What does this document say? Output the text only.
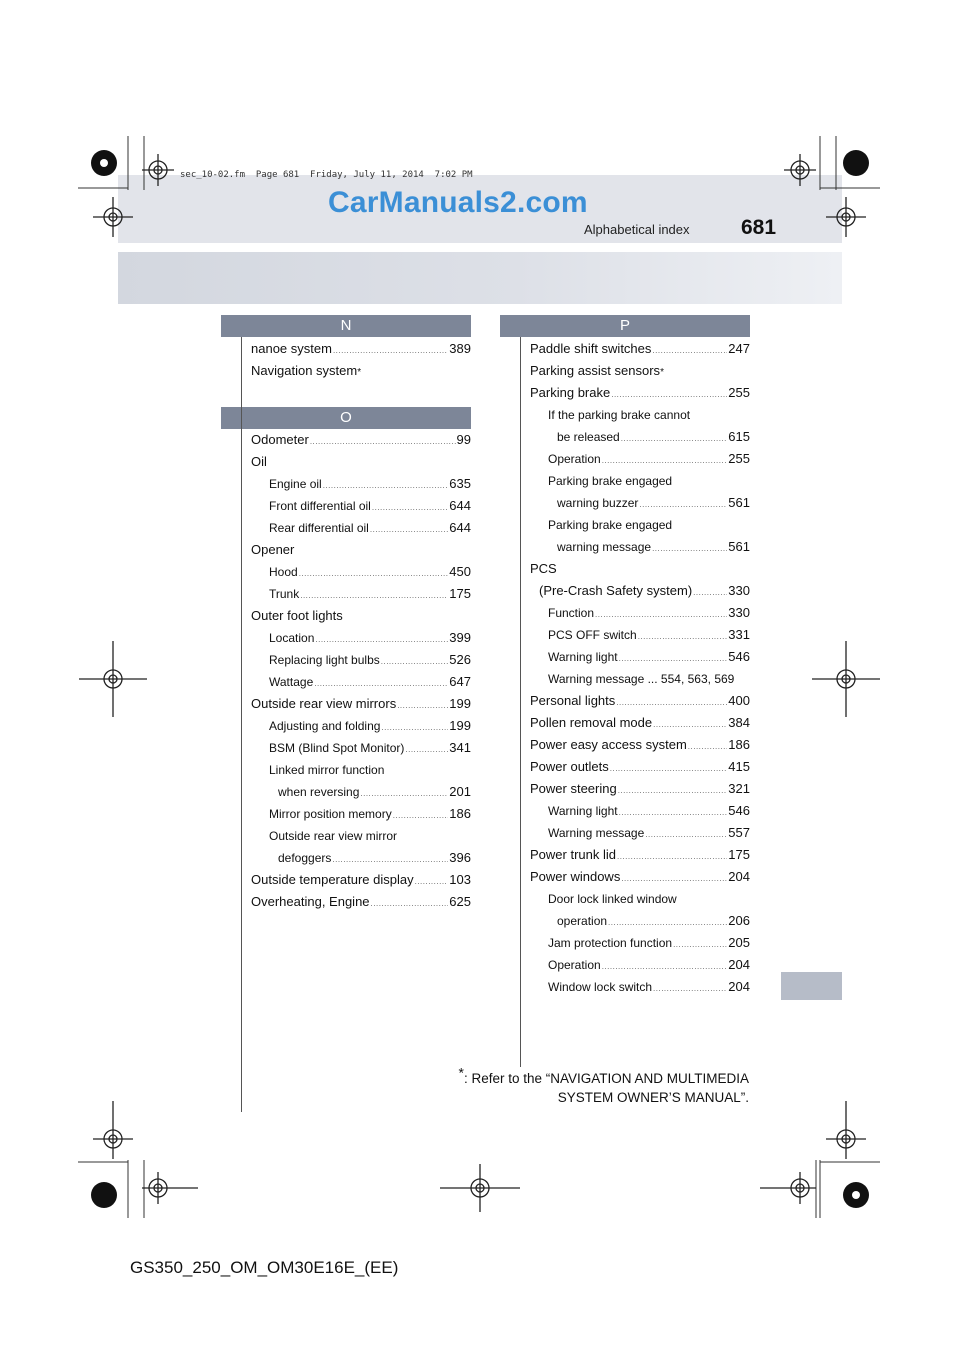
sec_10-02.fm  Page 681  Friday, July 11, 2014  7:02 PM
CarManuals2.com
Alphabetical index 681
N
O
P
nanoe system .....	389
Navigation system *
Odometer .....	99
Oil
Engine oil .....	635
Front differential oil .....	644
Rear differential oil .....	644
Opener
Hood .....	450
Trunk .....	175
Outer foot lights
Location .....	399
Replacing light bulbs .....	526
Wattage .....	647
Outside rear view mirrors .....	199
Adjusting and folding .....	199
BSM (Blind Spot Monitor) .....	341
Linked mirror function
when reversing .....	201
Mirror position memory .....	186
Outside rear view mirror
defoggers .....	396
Outside temperature display .....	103
Overheating, Engine .....	625
Paddle shift switches .....	247
Parking assist sensors *
Parking brake .....	255
If the parking brake cannot
be released .....	615
Operation .....	255
Parking brake engaged
warning buzzer .....	561
Parking brake engaged
warning message .....	561
PCS
(Pre-Crash Safety system) .....	330
Function .....	330
PCS OFF switch .....	331
Warning light .....	546
Warning message ... 554, 563, 569
Personal lights .....	400
Pollen removal mode .....	384
Power easy access system .....	186
Power outlets .....	415
Power steering .....	321
Warning light .....	546
Warning message .....	557
Power trunk lid .....	175
Power windows .....	204
Door lock linked window
operation .....	206
Jam protection function .....	205
Operation .....	204
Window lock switch .....	204
*: Refer to the “NAVIGATION AND MULTIMEDIA
SYSTEM OWNER’S MANUAL”.
GS350_250_OM_OM30E16E_(EE)
